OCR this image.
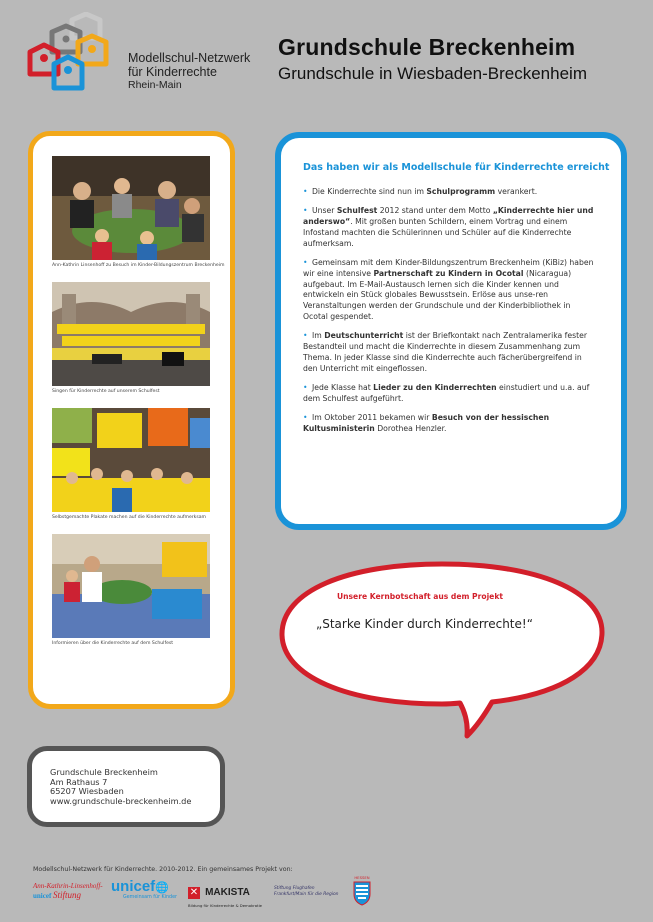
Modellschul-Netzwerk
für Kinderrechte
Rhein-Main
Grundschule Breckenheim
Grundschule in Wiesbaden-Breckenheim
Ann-Kathrin Linsenhoff zu Besuch im Kinder-Bildungszentrum Breckenheim
Singen für Kinderrechte auf unserem Schulfest
Selbstgemachte Plakate machen auf die Kinderrechte aufmerksam
Informieren über die Kinderrechte auf dem Schulfest
Das haben wir als Modellschule für Kinderrechte erreicht

• Die Kinderrechte sind nun im Schulprogramm verankert.

• Unser Schulfest 2012 stand unter dem Motto „Kinderrechte hier und anderswo“. Mit großen bunten Schildern, einem Vortrag und einem Infostand machten die Schülerinnen und Schüler auf die Kinderrechte aufmerksam.

• Gemeinsam mit dem Kinder-Bildungszentrum Breckenheim (KiBiz) haben wir eine intensive Partnerschaft zu Kindern in Ocotal (Nicaragua) aufgebaut. Im E-Mail-Austausch lernen sich die Kinder kennen und entwickeln ein Stück globales Bewusstsein. Erlöse aus unse-ren Veranstaltungen werden der Grundschule und der Kinderbibliothek in Ocotal gespendet.

• Im Deutschunterricht ist der Briefkontakt nach Zentralamerika fester Bestandteil und macht die Kinderrechte in diesem Zusammenhang zum Thema. In jeder Klasse sind die Kinderrechte auch fächerübergreifend in den Unterricht mit eingeflossen.

• Jede Klasse hat Lieder zu den Kinderrechten einstudiert und u.a. auf dem Schulfest aufgeführt.

• Im Oktober 2011 bekamen wir Besuch von der hessischen Kultusministerin Dorothea Henzler.

Unsere Kernbotschaft aus dem Projekt
„Starke Kinder durch Kinderrechte!“
Grundschule Breckenheim
Am Rathaus 7
65207 Wiesbaden
www.grundschule-breckenheim.de
Modellschul-Netzwerk für Kinderrechte. 2010-2012. Ein gemeinsames Projekt von:
Ann-Kathrin-Linsenhoff-
unicef Stiftung	unicef🌐
Gemeinsam für Kinder ✕ MAKISTA
Bildung für Kinderrechte & Demokratie
Stiftung Flughafen Frankfurt/Main für die Region
HESSEN
